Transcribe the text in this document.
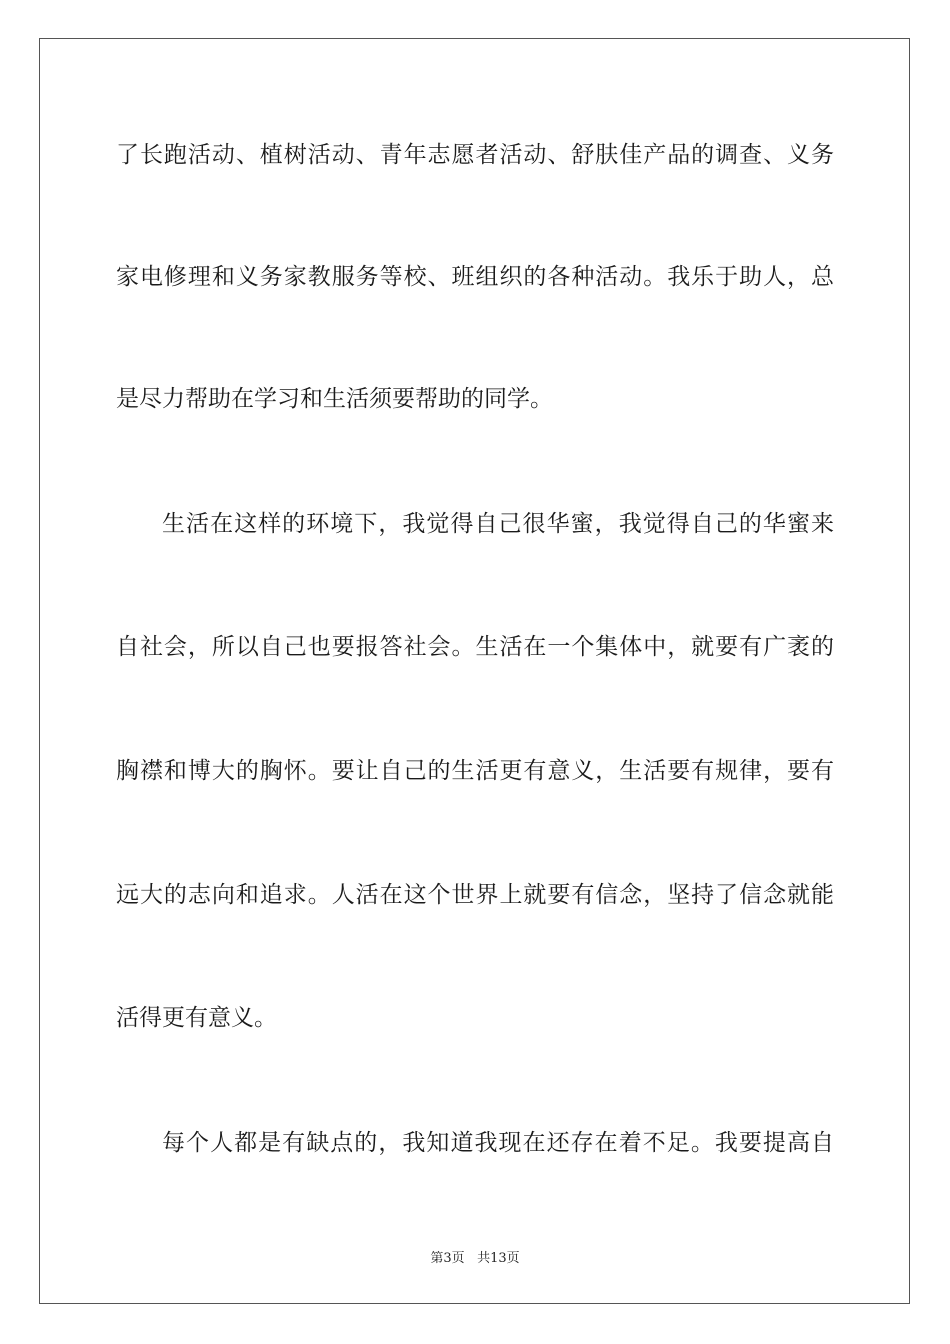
了长跑活动、植树活动、青年志愿者活动、舒肤佳产品的调查、义务
家电修理和义务家教服务等校、班组织的各种活动。我乐于助人，总
是尽力帮助在学习和生活须要帮助的同学。
生活在这样的环境下，我觉得自己很华蜜，我觉得自己的华蜜来
自社会，所以自己也要报答社会。生活在一个集体中，就要有广袤的
胸襟和博大的胸怀。要让自己的生活更有意义，生活要有规律，要有
远大的志向和追求。人活在这个世界上就要有信念，坚持了信念就能
活得更有意义。
每个人都是有缺点的，我知道我现在还存在着不足。我要提高自
第3页 共13页
